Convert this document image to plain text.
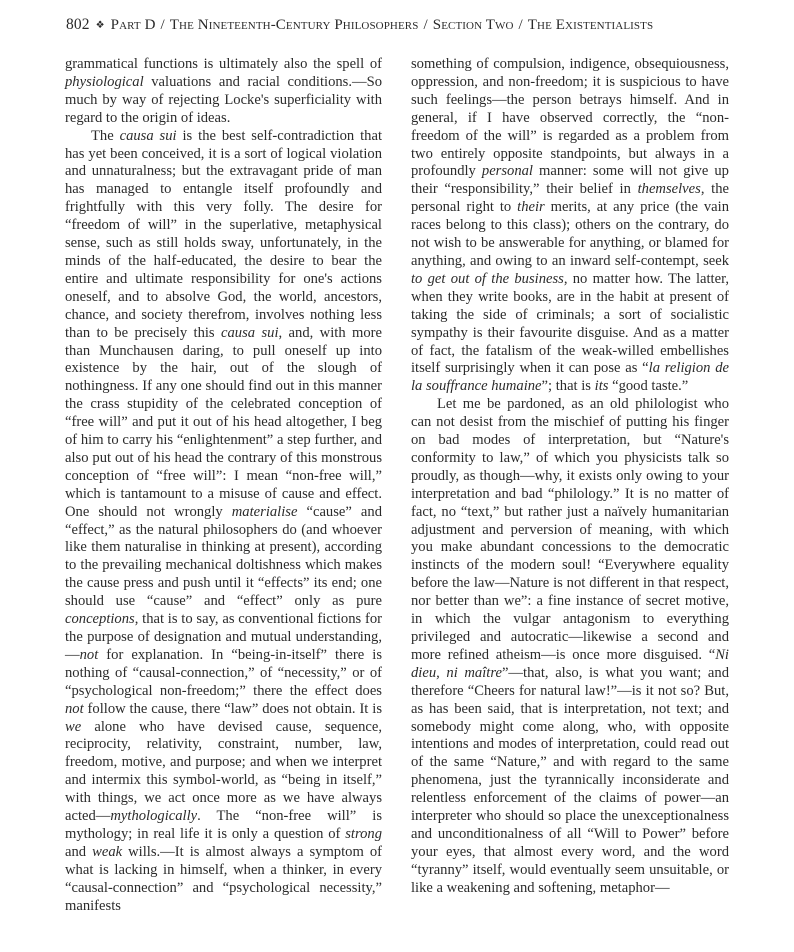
802 ❖ Part D / The Nineteenth-Century Philosophers / Section Two / The Existentialists

grammatical functions is ultimately also the spell of physiological valuations and racial conditions.—So much by way of rejecting Locke's superficiality with regard to the origin of ideas.

The causa sui is the best self-contradiction that has yet been conceived, it is a sort of logical violation and unnaturalness; but the extravagant pride of man has managed to entangle itself profoundly and frightfully with this very folly. The desire for “freedom of will” in the superlative, metaphysical sense, such as still holds sway, unfortunately, in the minds of the half-educated, the desire to bear the entire and ultimate responsibility for one's actions oneself, and to absolve God, the world, ancestors, chance, and society therefrom, involves nothing less than to be precisely this causa sui, and, with more than Munchausen daring, to pull oneself up into existence by the hair, out of the slough of nothingness. If any one should find out in this manner the crass stupidity of the celebrated conception of “free will” and put it out of his head altogether, I beg of him to carry his “enlightenment” a step further, and also put out of his head the contrary of this monstrous conception of “free will”: I mean “non-free will,” which is tantamount to a misuse of cause and effect. One should not wrongly materialise “cause” and “effect,” as the natural philosophers do (and whoever like them naturalise in thinking at present), according to the prevailing mechanical doltishness which makes the cause press and push until it “effects” its end; one should use “cause” and “effect” only as pure conceptions, that is to say, as conventional fictions for the purpose of designation and mutual understanding,—not for explanation. In “being-in-itself” there is nothing of “causal-connection,” of “necessity,” or of “psychological non-freedom;” there the effect does not follow the cause, there “law” does not obtain. It is we alone who have devised cause, sequence, reciprocity, relativity, constraint, number, law, freedom, motive, and purpose; and when we interpret and intermix this symbol-world, as “being in itself,” with things, we act once more as we have always acted—mythologically. The “non-free will” is mythology; in real life it is only a question of strong and weak wills.—It is almost always a symptom of what is lacking in himself, when a thinker, in every “causal-connection” and “psychological necessity,” manifests

something of compulsion, indigence, obsequiousness, oppression, and non-freedom; it is suspicious to have such feelings—the person betrays himself. And in general, if I have observed correctly, the “non-freedom of the will” is regarded as a problem from two entirely opposite standpoints, but always in a profoundly personal manner: some will not give up their “responsibility,” their belief in themselves, the personal right to their merits, at any price (the vain races belong to this class); others on the contrary, do not wish to be answerable for anything, or blamed for anything, and owing to an inward self-contempt, seek to get out of the business, no matter how. The latter, when they write books, are in the habit at present of taking the side of criminals; a sort of socialistic sympathy is their favourite disguise. And as a matter of fact, the fatalism of the weak-willed embellishes itself surprisingly when it can pose as “la religion de la souffrance humaine”; that is its “good taste.”

Let me be pardoned, as an old philologist who can not desist from the mischief of putting his finger on bad modes of interpretation, but “Nature's conformity to law,” of which you physicists talk so proudly, as though—why, it exists only owing to your interpretation and bad “philology.” It is no matter of fact, no “text,” but rather just a naïvely humanitarian adjustment and perversion of meaning, with which you make abundant concessions to the democratic instincts of the modern soul! “Everywhere equality before the law—Nature is not different in that respect, nor better than we”: a fine instance of secret motive, in which the vulgar antagonism to everything privileged and autocratic—likewise a second and more refined atheism—is once more disguised. “Ni dieu, ni maître”—that, also, is what you want; and therefore “Cheers for natural law!”—is it not so? But, as has been said, that is interpretation, not text; and somebody might come along, who, with opposite intentions and modes of interpretation, could read out of the same “Nature,” and with regard to the same phenomena, just the tyrannically inconsiderate and relentless enforcement of the claims of power—an interpreter who should so place the unexceptionalness and unconditionalness of all “Will to Power” before your eyes, that almost every word, and the word “tyranny” itself, would eventually seem unsuitable, or like a weakening and softening, metaphor—
